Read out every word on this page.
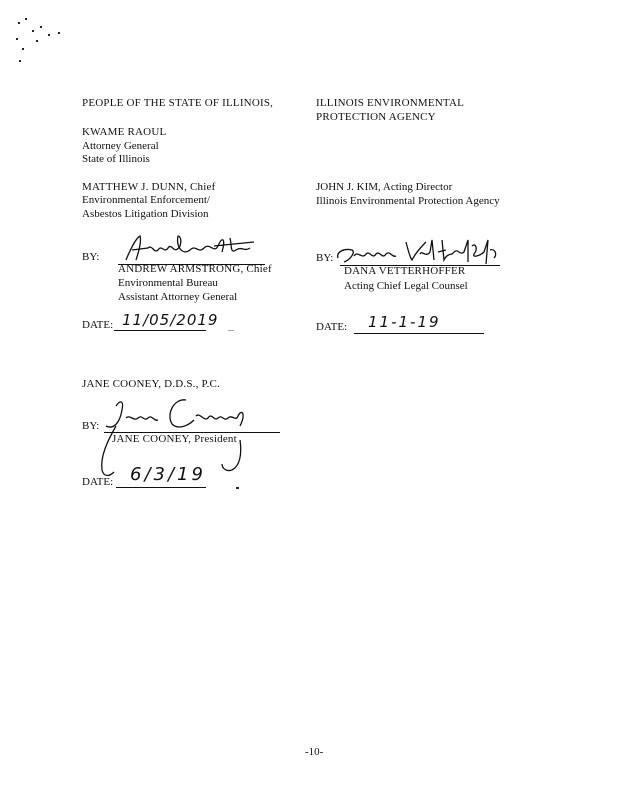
PEOPLE OF THE STATE OF ILLINOIS,
KWAME RAOUL
Attorney General
State of Illinois
MATTHEW J. DUNN, Chief
Environmental Enforcement/
Asbestos Litigation Division
BY:
ANDREW ARMSTRONG, Chief
Environmental Bureau
Assistant Attorney General
DATE: 11/05/2019 ...
ILLINOIS ENVIRONMENTAL
PROTECTION AGENCY
JOHN J. KIM, Acting Director
Illinois Environmental Protection Agency
BY:
DANA VETTERHOFFER
Acting Chief Legal Counsel
DATE: 11-1-19
JANE COONEY, D.D.S., P.C.
BY:
JANE COONEY, President
DATE: 6/3/19
-10-
